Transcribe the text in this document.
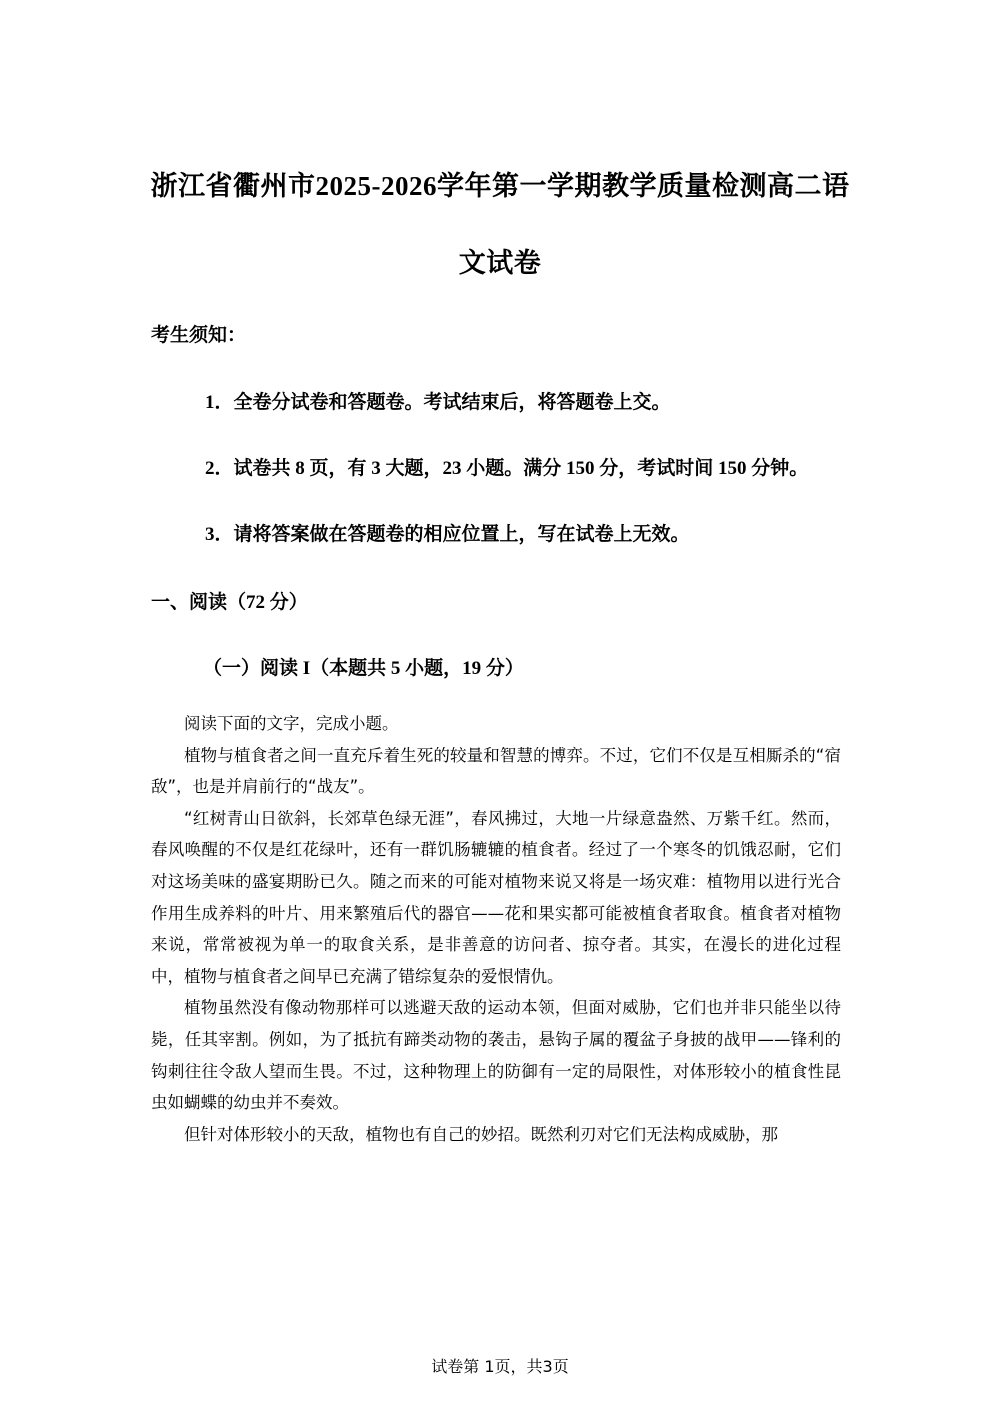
浙江省衢州市2025-2026学年第一学期教学质量检测高二语
文试卷
考生须知：
1．全卷分试卷和答题卷。考试结束后，将答题卷上交。
2．试卷共 8 页，有 3 大题，23 小题。满分 150 分，考试时间 150 分钟。
3．请将答案做在答题卷的相应位置上，写在试卷上无效。
一、阅读（72 分）
（一）阅读 I（本题共 5 小题，19 分）

阅读下面的文字，完成小题。

植物与植食者之间一直充斥着生死的较量和智慧的博弈。不过，它们不仅是互相厮杀的“宿敌”，也是并肩前行的“战友”。

“红树青山日欲斜，长郊草色绿无涯”，春风拂过，大地一片绿意盎然、万紫千红。然而，春风唤醒的不仅是红花绿叶，还有一群饥肠辘辘的植食者。经过了一个寒冬的饥饿忍耐，它们对这场美味的盛宴期盼已久。随之而来的可能对植物来说又将是一场灾难：植物用以进行光合作用生成养料的叶片、用来繁殖后代的器官——花和果实都可能被植食者取食。植食者对植物来说，常常被视为单一的取食关系，是非善意的访问者、掠夺者。其实，在漫长的进化过程中，植物与植食者之间早已充满了错综复杂的爱恨情仇。

植物虽然没有像动物那样可以逃避天敌的运动本领，但面对威胁，它们也并非只能坐以待毙，任其宰割。例如，为了抵抗有蹄类动物的袭击，悬钩子属的覆盆子身披的战甲——锋利的钩刺往往令敌人望而生畏。不过，这种物理上的防御有一定的局限性，对体形较小的植食性昆虫如蝴蝶的幼虫并不奏效。

但针对体形较小的天敌，植物也有自己的妙招。既然利刃对它们无法构成威胁，那

试卷第 1页，共3页
